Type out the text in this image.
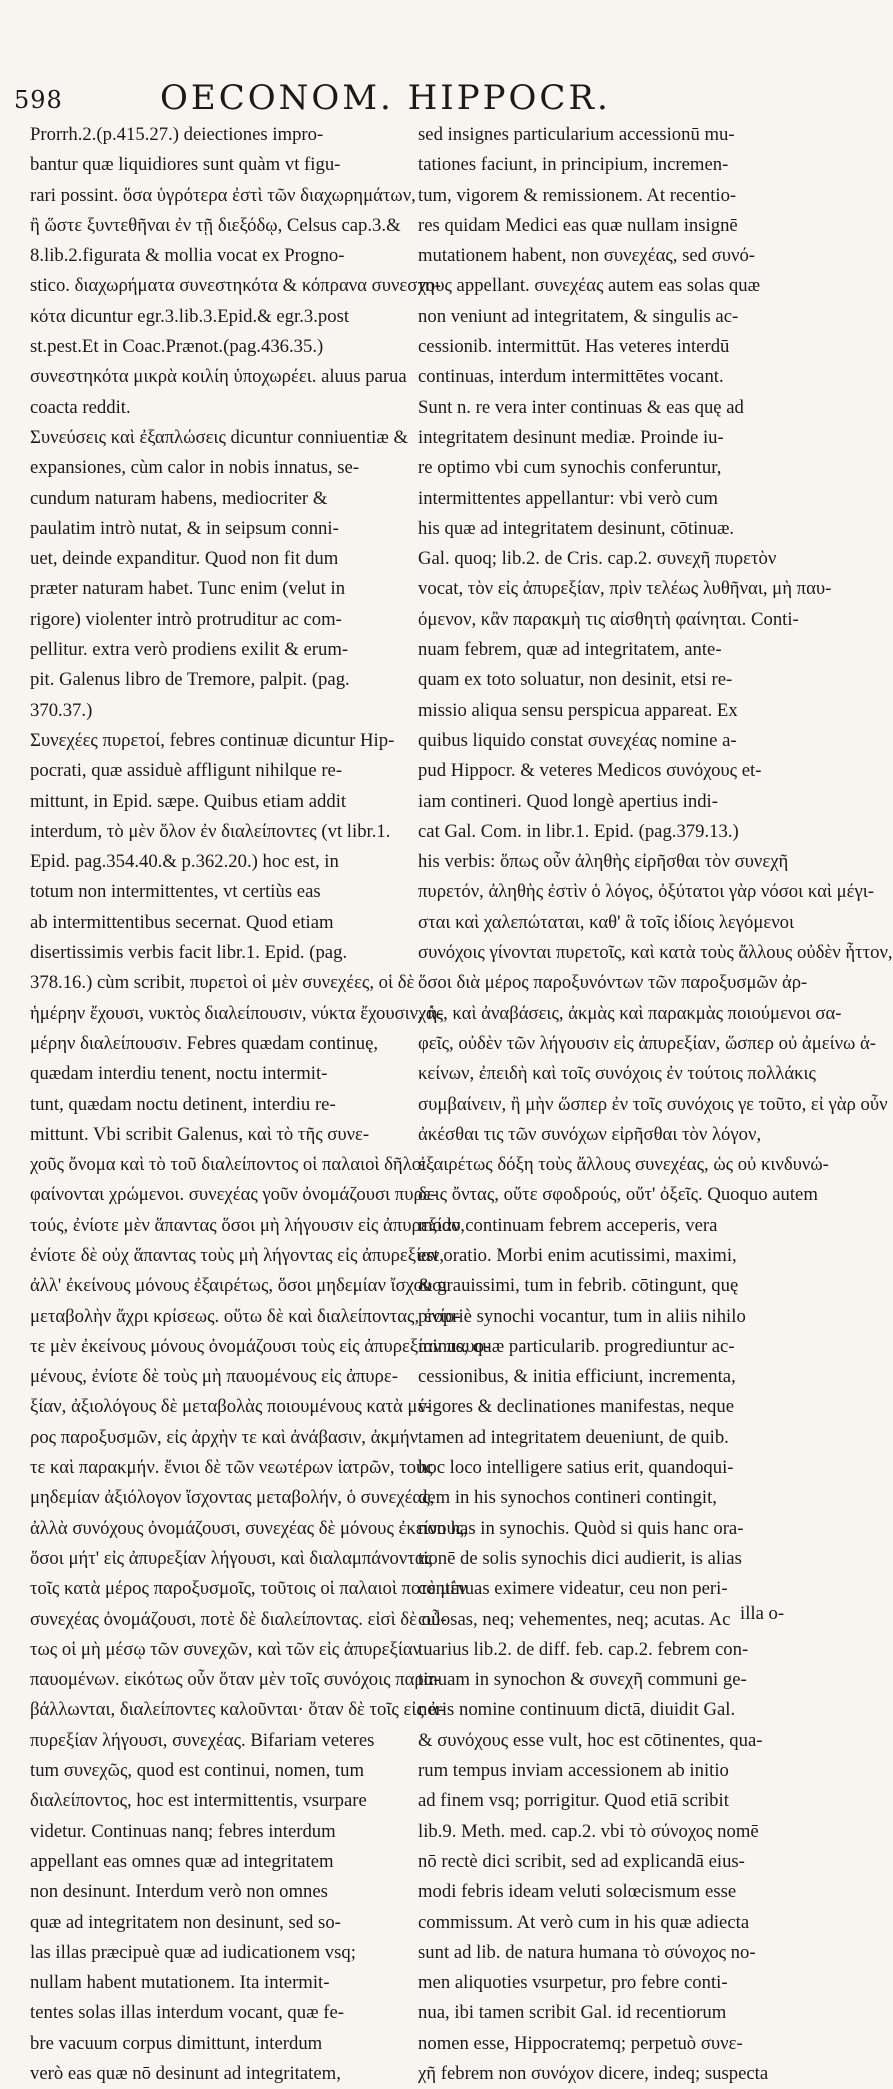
598	OECONOM. HIPPOCR.
Prorrh.2.(p.415.27.) deiectiones impro-
bantur quæ liquidiores sunt quàm vt figu-
rari possint. ὅσα ὑγρότερα ἐστὶ τῶν διαχωρημάτων,
ἢ ὥστε ξυντεθῆναι ἐν τῇ διεξόδῳ, Celsus cap.3.&
8.lib.2.figurata & mollia vocat ex Progno-
stico. διαχωρήματα συνεστηκότα & κόπρανα συνεστη-
κότα dicuntur egr.3.lib.3.Epid.& egr.3.post
st.pest.Et in Coac.Prænot.(pag.436.35.)
συνεστηκότα μικρὰ κοιλίη ὑποχωρέει. aluus parua
coacta reddit.
Συνεύσεις καὶ ἐξαπλώσεις dicuntur conniuentiæ &
expansiones, cùm calor in nobis innatus, se-
cundum naturam habens, mediocriter &
paulatim intrò nutat, & in seipsum conni-
uet, deinde expanditur. Quod non fit dum
præter naturam habet. Tunc enim (velut in
rigore) violenter intrò protruditur ac com-
pellitur. extra verò prodiens exilit & erum-
pit. Galenus libro de Tremore, palpit. (pag.
370.37.)
Συνεχέες πυρετοί, febres continuæ dicuntur Hip-
pocrati, quæ assiduè affligunt nihilque re-
mittunt, in Epid. sæpe. Quibus etiam addit
interdum, τὸ μὲν ὅλον ἐν διαλείποντες (vt libr.1.
Epid. pag.354.40.& p.362.20.) hoc est, in
totum non intermittentes, vt certiùs eas
ab intermittentibus secernat. Quod etiam
disertissimis verbis facit libr.1. Epid. (pag.
378.16.) cùm scribit, πυρετοὶ οἱ μὲν συνεχέες, οἱ δὲ
ἡμέρην ἔχουσι, νυκτὸς διαλείπουσιν, νύκτα ἔχουσιν, ἡ-
μέρην διαλείπουσιν. Febres quædam continuę,
quædam interdiu tenent, noctu intermit-
tunt, quædam noctu detinent, interdiu re-
mittunt. Vbi scribit Galenus, καὶ τὸ τῆς συνε-
χοῦς ὄνομα καὶ τὸ τοῦ διαλείποντος οἱ παλαιοὶ δῆλοι
φαίνονται χρώμενοι. συνεχέας γοῦν ὀνομάζουσι πυρε-
τούς, ἐνίοτε μὲν ἅπαντας ὅσοι μὴ λήγουσιν εἰς ἀπυρεξίαν,
ἐνίοτε δὲ οὐχ ἅπαντας τοὺς μὴ λήγοντας εἰς ἀπυρεξίαν,
ἀλλ' ἐκείνους μόνους ἐξαιρέτως, ὅσοι μηδεμίαν ἴσχουσι
μεταβολὴν ἄχρι κρίσεως. οὕτω δὲ καὶ διαλείποντας, ἐνίο-
τε μὲν ἐκείνους μόνους ὀνομάζουσι τοὺς εἰς ἀπυρεξίαν παυο-
μένους, ἐνίοτε δὲ τοὺς μὴ παυομένους εἰς ἀπυρε-
ξίαν, ἀξιολόγους δὲ μεταβολὰς ποιουμένους κατὰ μέ-
ρος παροξυσμῶν, εἰς ἀρχὴν τε καὶ ἀνάβασιν, ἀκμήν
τε καὶ παρακμήν. ἔνιοι δὲ τῶν νεωτέρων ἰατρῶν, τοὺς
μηδεμίαν ἀξιόλογον ἴσχοντας μεταβολήν, ὁ συνεχέας,
ἀλλὰ συνόχους ὀνομάζουσι, συνεχέας δὲ μόνους ἐκείνους,
ὅσοι μήτ' εἰς ἀπυρεξίαν λήγουσι, καὶ διαλαμπάνοντας
τοῖς κατὰ μέρος παροξυσμοῖς, τοῦτοις οἱ παλαιοὶ ποτὲ μὲν
συνεχέας ὀνομάζουσι, ποτὲ δὲ διαλείποντας. εἰσὶ δὲ οὗ-
τως οἱ μὴ μέσῳ τῶν συνεχῶν, καὶ τῶν εἰς ἀπυρεξίαν
παυομένων. εἰκότως οὖν ὅταν μὲν τοῖς συνόχοις παρα-
βάλλωνται, διαλείποντες καλοῦνται· ὅταν δὲ τοῖς εἰς ἀ-
πυρεξίαν λήγουσι, συνεχέας. Bifariam veteres
tum συνεχῶς, quod est continui, nomen, tum
διαλείποντος, hoc est intermittentis, vsurpare
videtur. Continuas nanq; febres interdum
appellant eas omnes quæ ad integritatem
non desinunt. Interdum verò non omnes
quæ ad integritatem non desinunt, sed so-
las illas præcipuè quæ ad iudicationem vsq;
nullam habent mutationem. Ita intermit-
tentes solas illas interdum vocant, quæ fe-
bre vacuum corpus dimittunt, interdum
verò eas quæ nō desinunt ad integritatem,
sed insignes particularium accessionū mu-
tationes faciunt, in principium, incremen-
tum, vigorem & remissionem. At recentio-
res quidam Medici eas quæ nullam insignē
mutationem habent, non συνεχέας, sed συνό-
χους appellant. συνεχέας autem eas solas quæ
non veniunt ad integritatem, & singulis ac-
cessionib. intermittūt. Has veteres interdū
continuas, interdum intermittētes vocant.
Sunt n. re vera inter continuas & eas quę ad
integritatem desinunt mediæ. Proinde iu-
re optimo vbi cum synochis conferuntur,
intermittentes appellantur: vbi verò cum
his quæ ad integritatem desinunt, cōtinuæ.
Gal. quoq; lib.2. de Cris. cap.2. συνεχῆ πυρετὸν
vocat, τὸν εἰς ἀπυρεξίαν, πρὶν τελέως λυθῆναι, μὴ παυ-
όμενον, κἂν παρακμὴ τις αἰσθητὴ φαίνηται. Conti-
nuam febrem, quæ ad integritatem, ante-
quam ex toto soluatur, non desinit, etsi re-
missio aliqua sensu perspicua appareat. Ex
quibus liquido constat συνεχέας nomine a-
pud Hippocr. & veteres Medicos συνόχους et-
iam contineri. Quod longè apertius indi-
cat Gal. Com. in libr.1. Epid. (pag.379.13.)
his verbis: ὅπως οὖν ἀληθὴς εἰρῆσθαι τὸν συνεχῆ
πυρετόν, ἀληθὴς ἐστὶν ὁ λόγος, ὀξύτατοι γὰρ νόσοι καὶ μέγι-
σται καὶ χαλεπώταται, καθ' ἃ τοῖς ἰδίοις λεγόμενοι
συνόχοις γίνονται πυρετοῖς, καὶ κατὰ τοὺς ἄλλους οὐδὲν ἧττον,
ὅσοι διὰ μέρος παροξυνόντων τῶν παροξυσμῶν ἀρ-
χάς, καὶ ἀναβάσεις, ἀκμὰς καὶ παρακμὰς ποιούμενοι σα-
φεῖς, οὐδὲν τῶν λήγουσιν εἰς ἀπυρεξίαν, ὥσπερ οὐ ἀμείνω ἀ-
κείνων, ἐπειδὴ καὶ τοῖς συνόχοις ἐν τούτοις πολλάκις
συμβαίνειν, ἢ μὴν ὥσπερ ἐν τοῖς συνόχοις γε τοῦτο, εἰ γὰρ οὖν
ἀκέσθαι τις τῶν συνόχων εἰρῆσθαι τὸν λόγον,
ἐξαιρέτως δόξη τοὺς ἄλλους συνεχέας, ὡς οὐ κινδυνώ-
δεις ὄντας, οὔτε σφοδρούς, οὔτ' ὀξεῖς. Quoquo autem
modo continuam febrem acceperis, vera
est oratio. Morbi enim acutissimi, maximi,
& grauissimi, tum in febrib. cōtingunt, quę
propriè synochi vocantur, tum in aliis nihilo
minus, quæ particularib. progrediuntur ac-
cessionibus, & initia efficiunt, incrementa,
vigores & declinationes manifestas, neque
tamen ad integritatem deueniunt, de quib.
hoc loco intelligere satius erit, quandoqui-
dem in his synochos contineri contingit,
non has in synochis. Quòd si quis hanc ora-
tionē de solis synochis dici audierit, is alias
continuas eximere videatur, ceu non peri-
culosas, neq; vehementes, neq; acutas. Ac
tuarius lib.2. de diff. feb. cap.2. febrem con-
tinuam in synochon & συνεχῆ communi ge-
neris nomine continuum dictā, diuidit Gal.
& συνόχους esse vult, hoc est cōtinentes, qua-
rum tempus inviam accessionem ab initio
ad finem vsq; porrigitur. Quod etiā scribit
lib.9. Meth. med. cap.2. vbi τὸ σύνοχος nomē
nō rectè dici scribit, sed ad explicandā eius-
modi febris ideam veluti solœcismum esse
commissum. At verò cum in his quæ adiecta
sunt ad lib. de natura humana τὸ σύνοχος no-
men aliquoties vsurpetur, pro febre conti-
nua, ibi tamen scribit Gal. id recentiorum
nomen esse, Hippocratemq; perpetuò συνε-
χῆ febrem non συνόχον dicere, indeq; suspecta
illa o-
